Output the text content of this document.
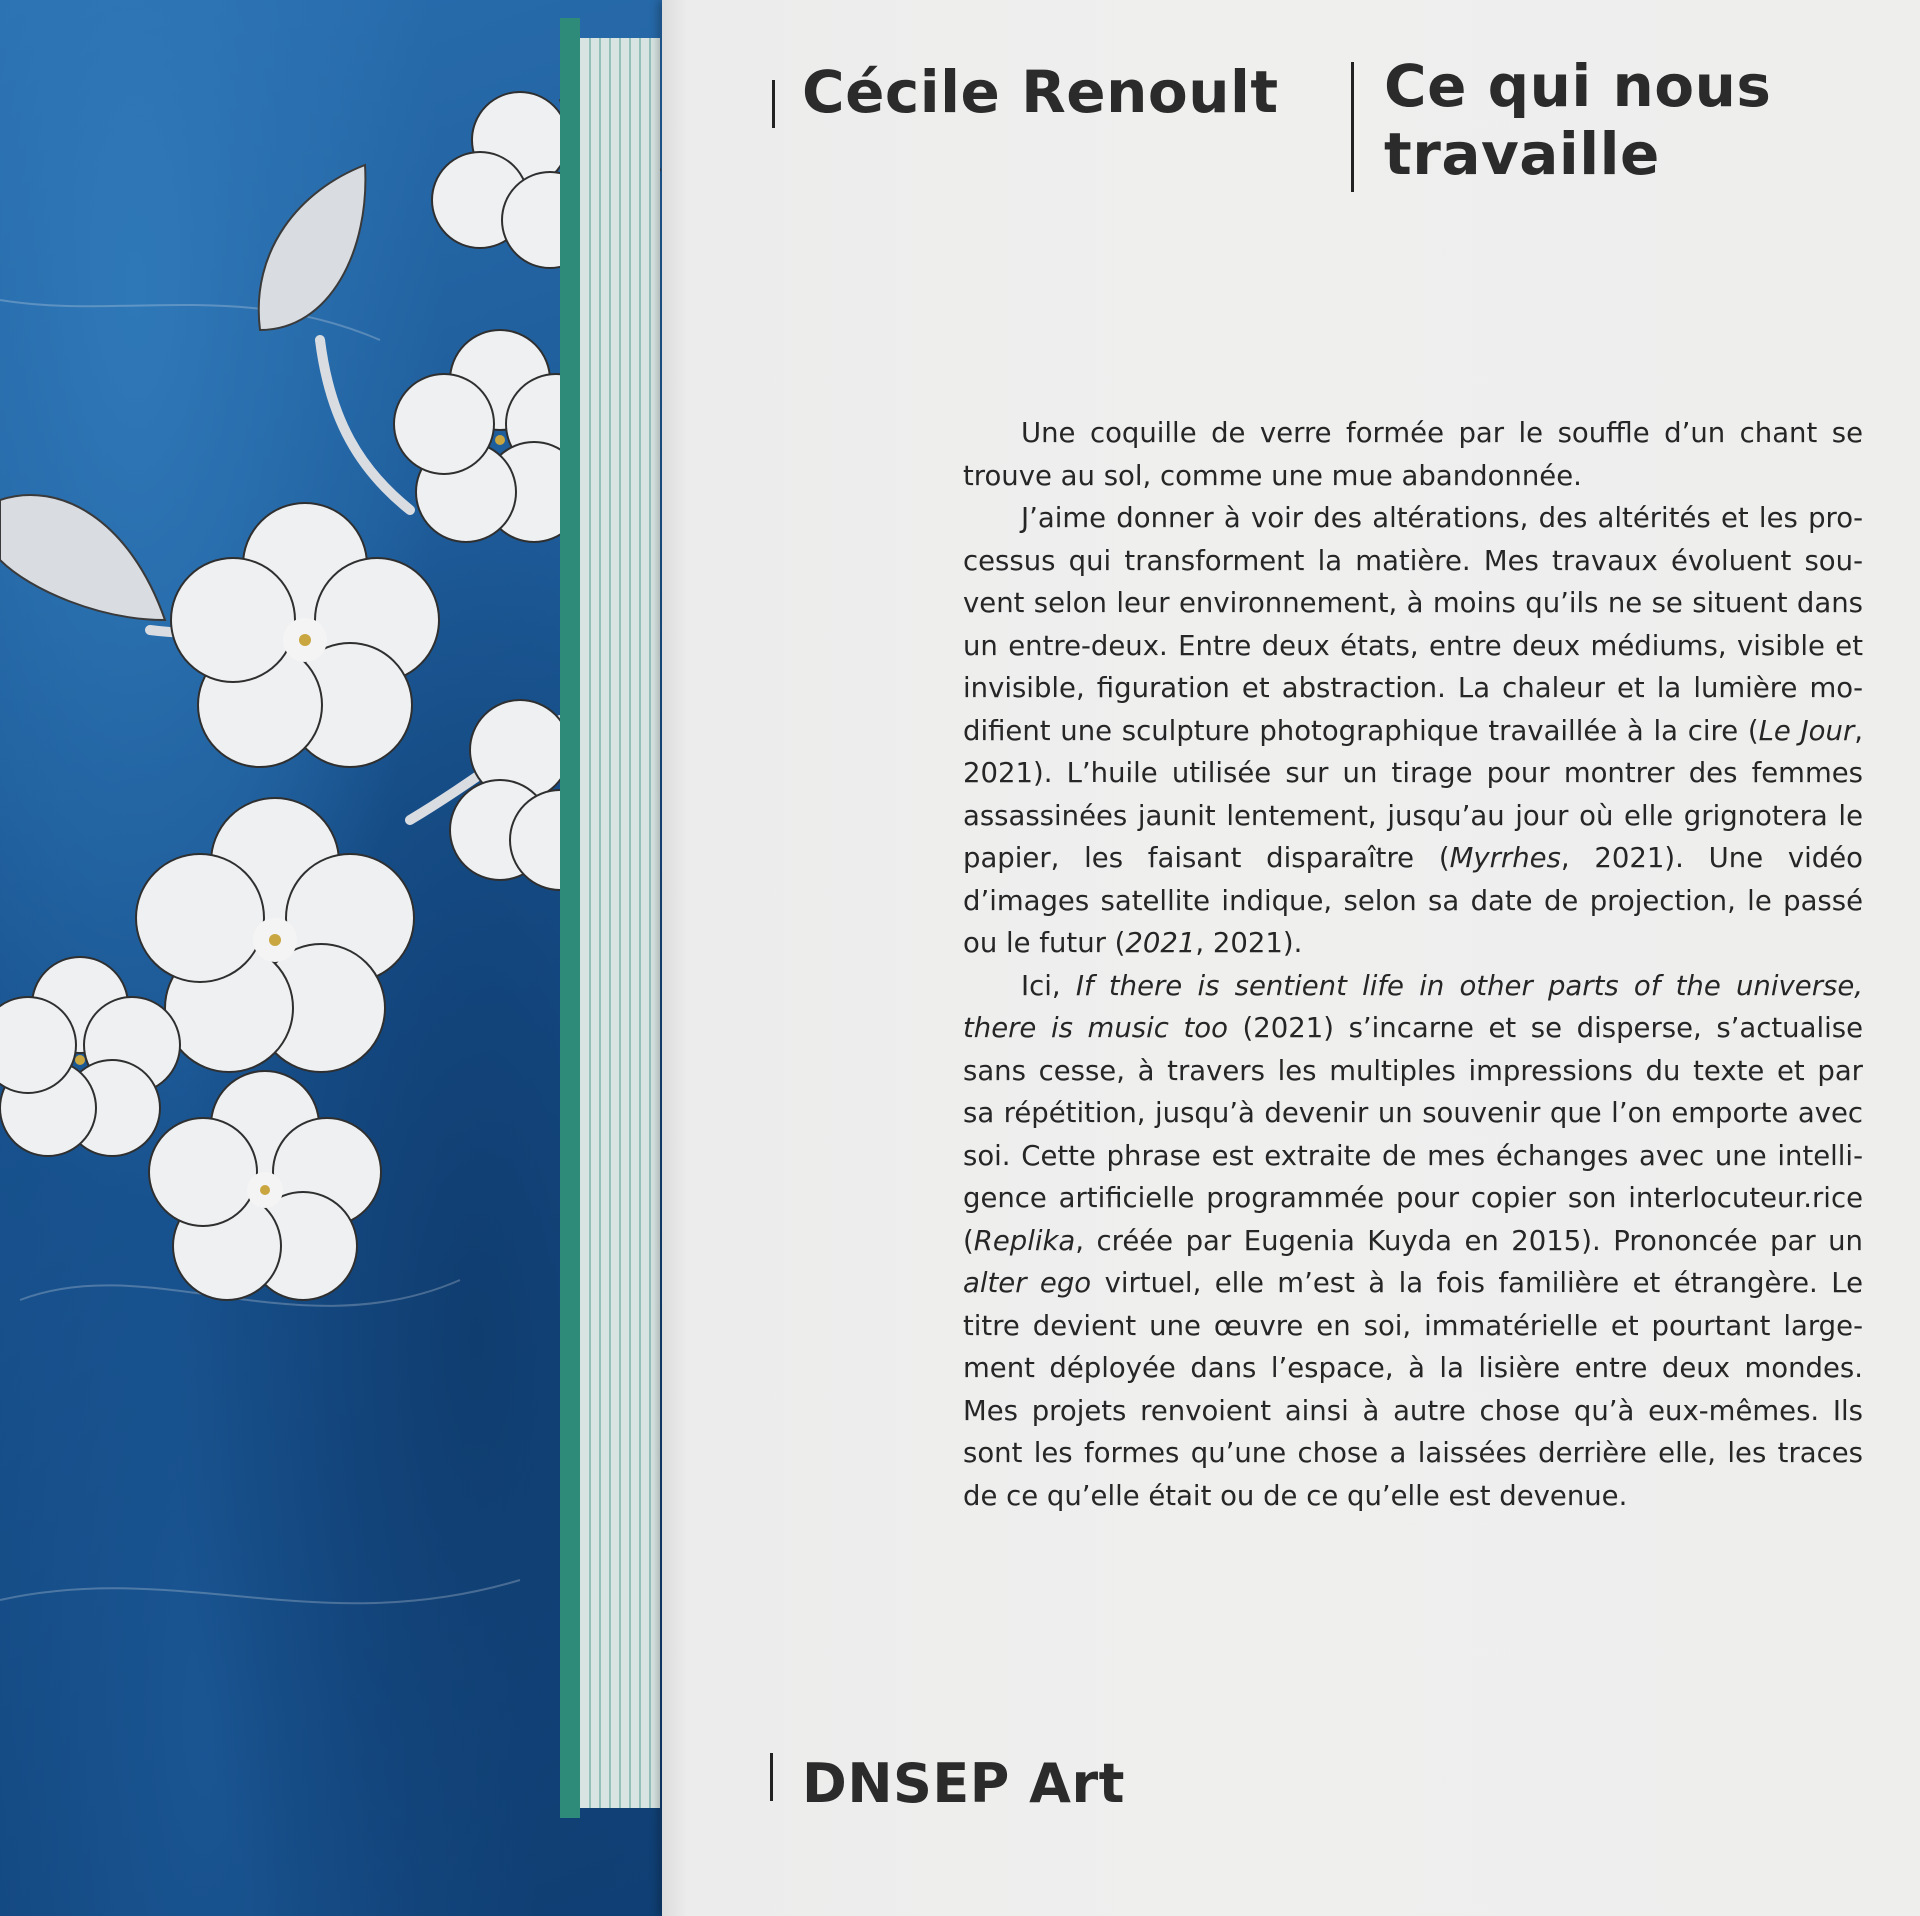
Cécile Renoult Ce qui nous
travaille

Une coquille de verre formée par le souffle d’un chant se trouve au sol, comme une mue abandonnée.

J’aime donner à voir des altérations, des altérités et les processus qui transforment la matière. Mes travaux évoluent souvent selon leur environnement, à moins qu’ils ne se situent dans un entre-deux. Entre deux états, entre deux médiums, visible et invisible, figuration et abstraction. La chaleur et la lumière modifient une sculpture photographique travaillée à la cire (Le Jour, 2021). L’huile utilisée sur un tirage pour montrer des femmes assassinées jaunit lentement, jusqu’au jour où elle grignotera le papier, les faisant disparaître (Myrrhes, 2021). Une vidéo d’images satellite indique, selon sa date de projection, le passé ou le futur (2021, 2021).

Ici, If there is sentient life in other parts of the universe, there is music too (2021) s’incarne et se disperse, s’actualise sans cesse, à travers les multiples impressions du texte et par sa répétition, jusqu’à devenir un souvenir que l’on emporte avec soi. Cette phrase est extraite de mes échanges avec une intelligence artificielle programmée pour copier son interlocuteur.rice (Replika, créée par Eugenia Kuyda en 2015). Prononcée par un alter ego virtuel, elle m’est à la fois familière et étrangère. Le titre devient une œuvre en soi, immatérielle et pourtant largement déployée dans l’espace, à la lisière entre deux mondes. Mes projets renvoient ainsi à autre chose qu’à eux-mêmes. Ils sont les formes qu’une chose a laissées derrière elle, les traces de ce qu’elle était ou de ce qu’elle est devenue.

DNSEP Art
